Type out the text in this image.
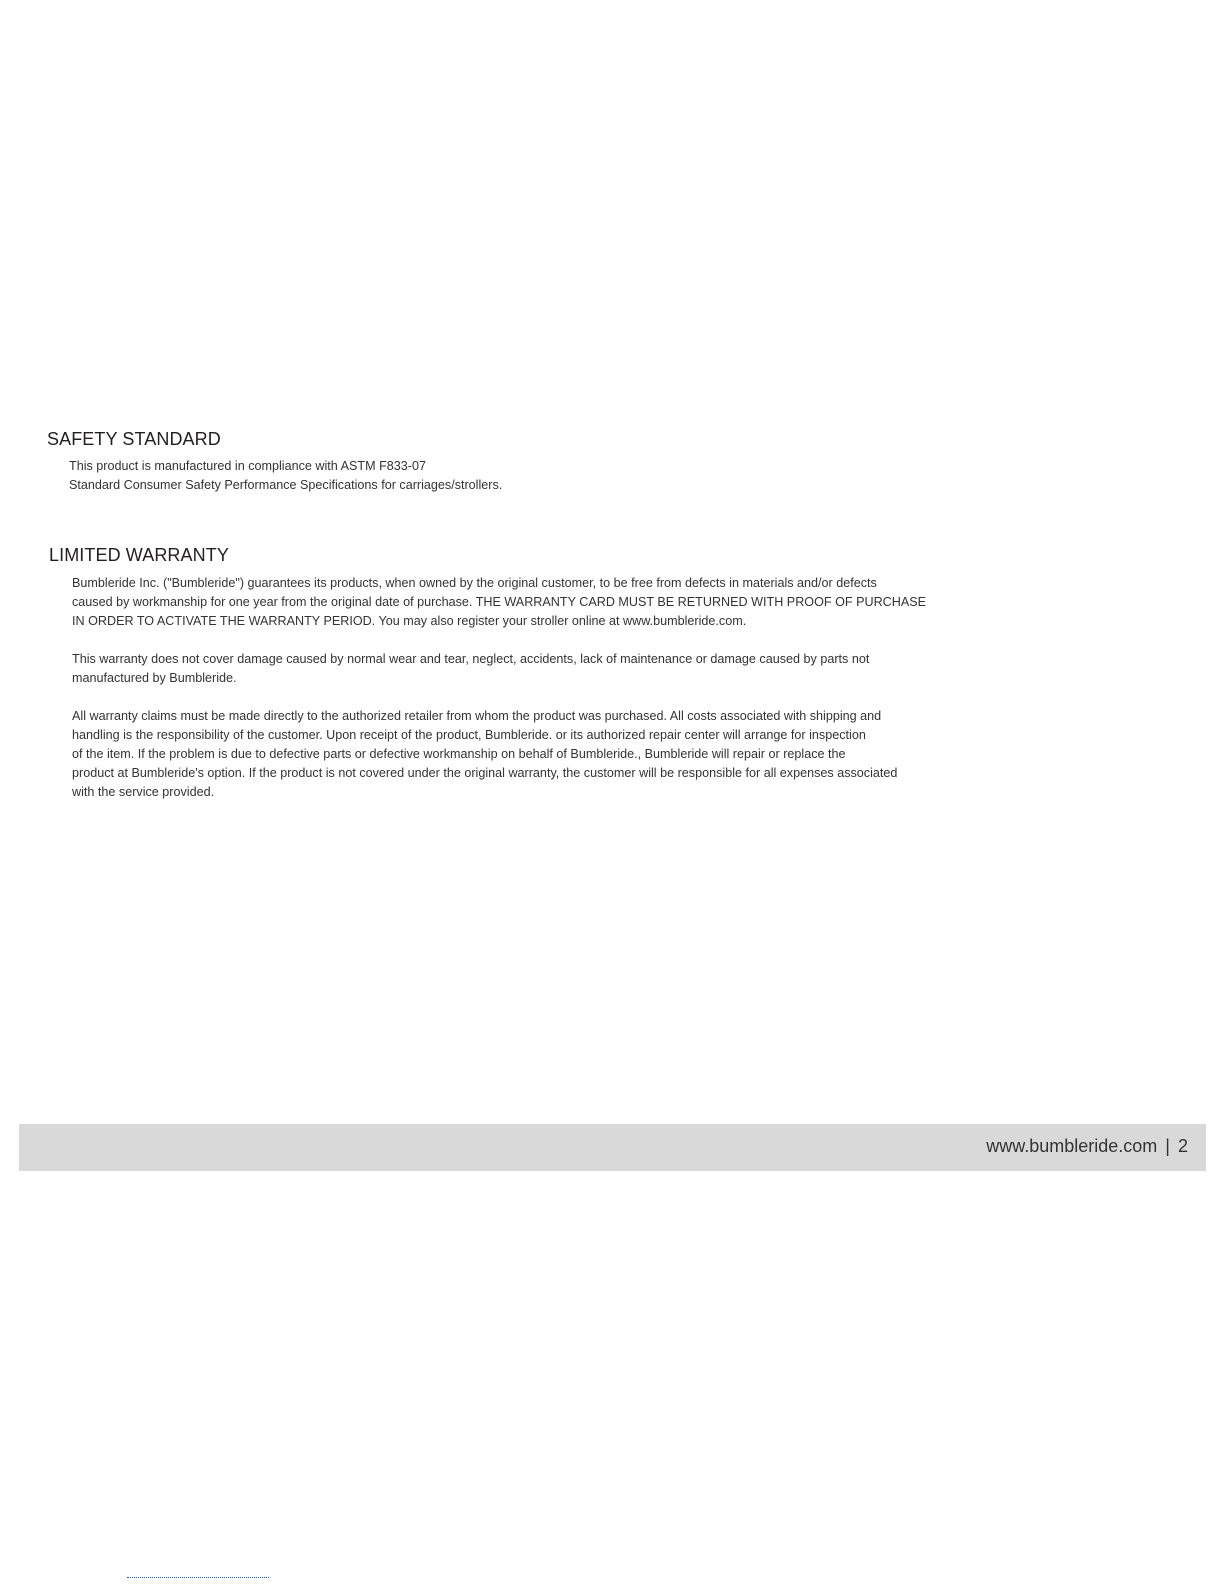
SAFETY STANDARD

This product is manufactured in compliance with ASTM F833-07

Standard Consumer Safety Performance Specifications for carriages/strollers.

LIMITED WARRANTY

Bumbleride Inc. ("Bumbleride") guarantees its products, when owned by the original customer, to be free from defects in materials and/or defects

caused by workmanship for one year from the original date of purchase. THE WARRANTY CARD MUST BE RETURNED WITH PROOF OF PURCHASE

IN ORDER TO ACTIVATE THE WARRANTY PERIOD. You may also register your stroller online at www.bumbleride.com.

This warranty does not cover damage caused by normal wear and tear, neglect, accidents, lack of maintenance or damage caused by parts not

manufactured by Bumbleride.

All warranty claims must be made directly to the authorized retailer from whom the product was purchased. All costs associated with shipping and

handling is the responsibility of the customer. Upon receipt of the product, Bumbleride. or its authorized repair center will arrange for inspection

of the item. If the problem is due to defective parts or defective workmanship on behalf of Bumbleride., Bumbleride will repair or replace the

product at Bumbleride's option. If the product is not covered under the original warranty, the customer will be responsible for all expenses associated

with the service provided.

www.bumbleride.com | 2
